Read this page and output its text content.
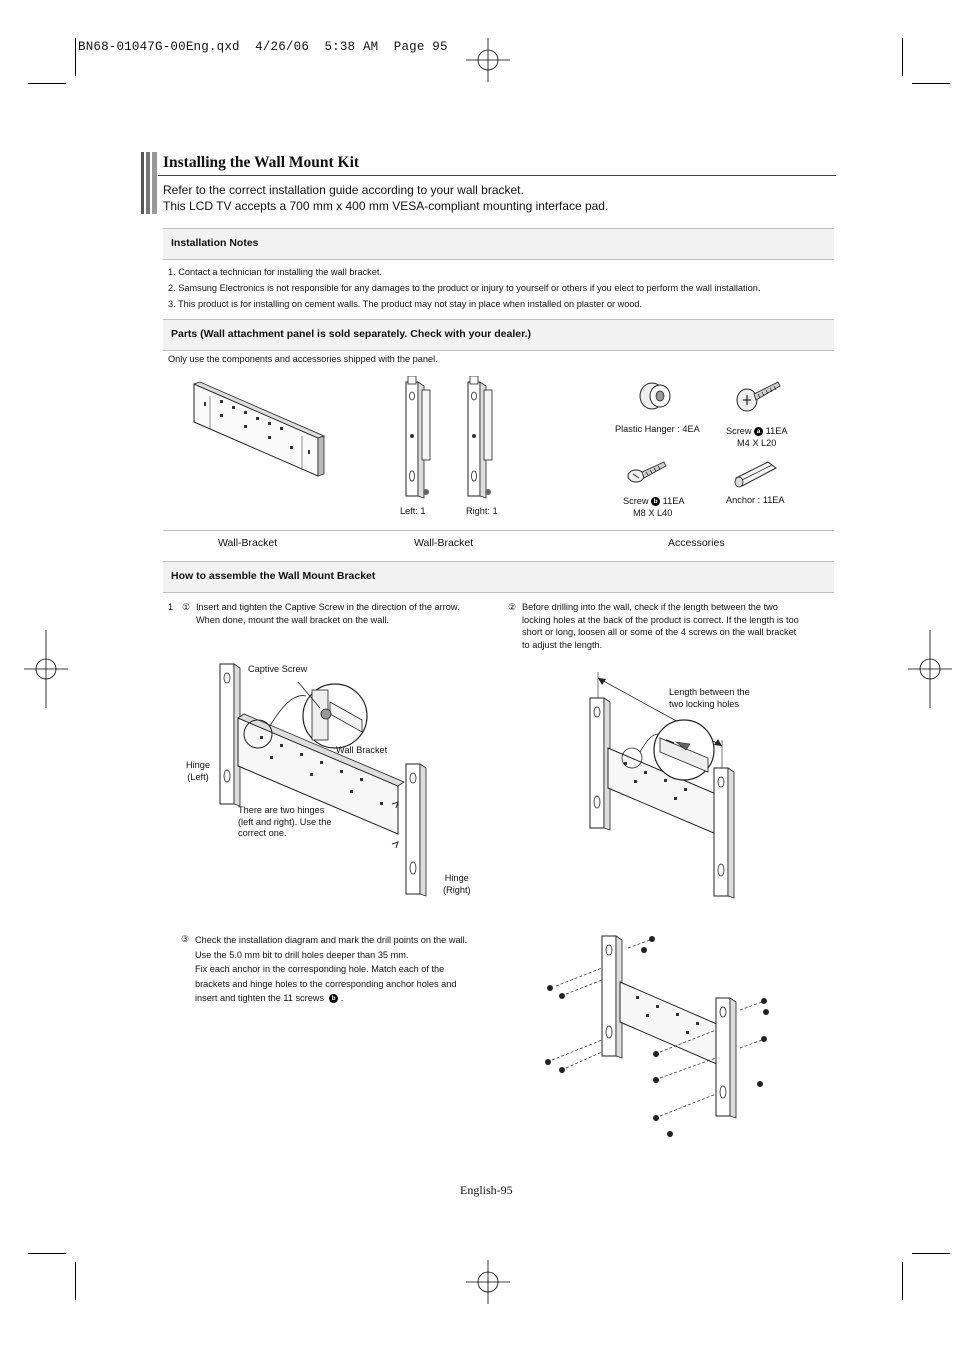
BN68-01047G-00Eng.qxd  4/26/06  5:38 AM  Page 95
Installing the Wall Mount Kit
Refer to the correct installation guide according to your wall bracket.
This LCD TV accepts a 700 mm x 400 mm VESA-compliant mounting interface pad.
Installation Notes
1. Contact a technician for installing the wall bracket.
2. Samsung Electronics is not responsible for any damages to the product or injury to yourself or others if you elect to perform the wall installation.
3. This product is for installing on cement walls. The product may not stay in place when installed on plaster or wood.
Parts (Wall attachment panel is sold separately. Check with your dealer.)
Only use the components and accessories shipped with the panel.
Left: 1	Right: 1
Plastic Hanger : 4EA	Screw a 11EA
M4 X L20
Screw b 11EA
M8 X L40
Anchor : 11EA
Wall-Bracket	Wall-Bracket	Accessories
How to assemble the Wall Mount Bracket
1 ① Insert and tighten the Captive Screw in the direction of the arrow.
When done, mount the wall bracket on the wall.
② Before drilling into the wall, check if the length between the two
locking holes at the back of the product is correct. If the length is too
short or long, loosen all or some of the 4 screws on the wall bracket
to adjust the length.
Captive Screw
Wall Bracket
Hinge
(Left)
There are two hinges
(left and right). Use the
correct one.
Hinge
(Right)
Length between the
two locking holes
③ Check the installation diagram and mark the drill points on the wall.
Use the 5.0 mm bit to drill holes deeper than 35 mm.
Fix each anchor in the corresponding hole. Match each of the
brackets and hinge holes to the corresponding anchor holes and
insert and tighten the 11 screws b .
English-95
